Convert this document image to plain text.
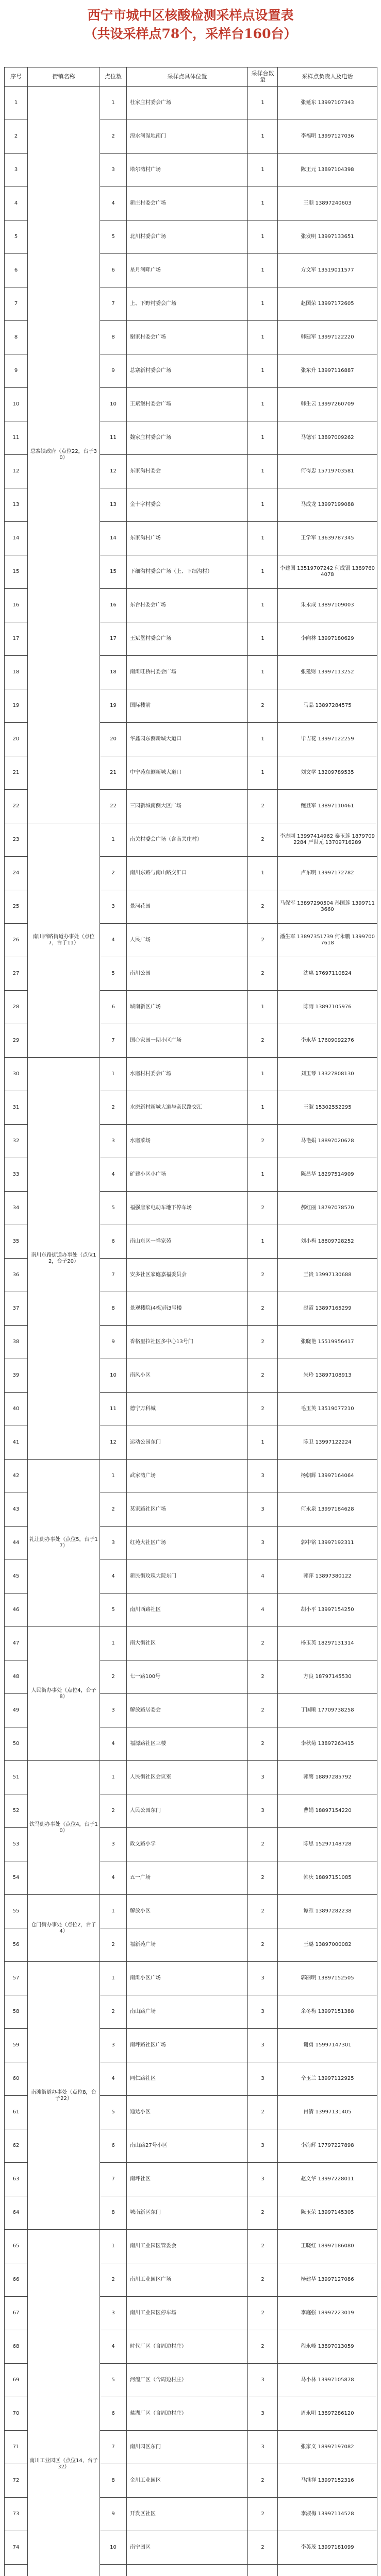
西宁市城中区核酸检测采样点设置表
（共设采样点78个，采样台160台）
序号	街镇名称	点位数	采样点具体位置	采样台数量	采样点负责人及电话
1	总寨镇政府（点位22，台子30）	1	杜家庄村委会广场	1	张延东 13997107343
2		2	湟水河湿地南门	1	李福明 13997127036
3		3	塔尔湾村广场	1	陈正元 13897104398
4		4	新庄村委会广场	1	王顺 13897240603
5		5	北川村委会广场	1	张发明 13997133651
6		6	星月河畔广场	1	方文军 13519011577
7		7	上、下野村委会广场	1	赵国荣 13997172605
8		8	谢家村委会广场	1	韩建军 13997122220
9		9	总寨新村委会广场	1	张东升 13997116887
10		10	王斌堡村委会广场	1	韩生云 13997260709
11		11	魏家庄村委会广场	1	马德军 13897009262
12		12	东家沟村委会	1	何得忠 15719703581
13		13	金十字村委会	1	马成龙 13997199088
14		14	东家沟村广场	1	王学军 13639787345
15		15	下细沟村委会广场（上、下细沟村）	1	李建国 13519707242 何成银 13897604078
16		16	东台村委会广场	1	朱永成 13897109003
17		17	王斌堡村委会广场	1	李向林 13997180629
18		18	南滩旺桥村委会广场	1	张延财 13997113252
19		19	国际楼前	2	马晶 13897284575
20		20	华鑫园东侧新城大道口	1	毕吉花 13997122259
21		21	中宁苑东侧新城大道口	1	刘文学 13209789535
22		22	三园新城南侧大区广场	2	鲍登军 13897110461
23	南川西路街道办事处（点位7，台子11）	1	南关村委会广场（含南关庄村）	2	李志刚 13997414962 秦玉莲 18797092284 严世元 13709716289
24		2	南川东路与南山路交汇口	1	卢东明 13997172782
25		3	景河花园	2	马保军 13897290504 孙国莲 13997113660
26		4	人民广场	2	潘生军 13897351739 何永鹏 13997007618
27		5	南川公园	2	沈惠 17697110824
28		6	城南新区广场	1	陈雨 13897105976
29		7	国心家园一期小区广场	2	李永华 17609092276
30	南川东路街道办事处（点位12，台子20）	1	水磨村村委会广场	1	刘玉琴 13327808130
31		2	水磨新村新城大道与亲民路交汇	1	王淑 15302552295
32		3	水磨菜场	2	马艳娟 18897020628
33		4	矿建小区小广场	1	陈昌华 18297514909
34		5	福强唐家电动车地下停车场	2	郝红丽 18797078570
35		6	南山东区一祥家苑	1	刘小梅 18809728252
36		7	安多社区家庭嘉福委员会	2	王贵 13997130688
37		8	景观楼院(4栋)南3号楼	2	赵霞 13897165299
38		9	香格里拉社区多中心13号门	2	张晓艳 15519956417
39		10	南风小区	2	朱玲 13897108913
40		11	德宁万科城	2	毛玉英 13519077210
41		12	运动公园东门	1	陈卫 13997122224
42	礼让街办事处（点位5，台子17）	1	武家湾广场	3	杨朝辉 13997164064
43		2	莫家路社区广场	3	何永泉 13997184628
44		3	红苑大社区广场	3	郭中铭 13997192311
45		4	新民街玫瑰大院东门	4	郭萍 13897380122
46		5	南川西路社区	4	胡小平 13997154250
47	人民街办事处（点位4，台子8）	1	南大街社区	2	杨玉英 18297131314
48		2	七一路100号	2	方良 18797145530
49		3	解放路居委会	2	丁国顺 17709738258
50		4	福源路社区三楼	2	李秋菊 13897263415
51	饮马街办事处（点位4，台子10）	1	人民街社区会议室	3	郭鹰 18897285792
52		2	人民公园东门	3	曹娟 18897154220
53		3	政文路小学	2	陈思 15297148728
54		4	五一广场	2	韩庆 18897151085
55	仓门街办事处（点位2，台子4）	1	解放小区	2	谭雅 13897282238
56		2	福新苑广场	2	王璐 13897000082
57	南滩街道办事处（点位8，台子22）	1	南滩小区广场	3	郭丽明 13897152505
58		2	南山路广场	3	余冬梅 13997151388
59		3	南坪路社区广场	3	谢勇 15997147301
60		4	同仁路社区	3	辛玉兰 13997112925
61		5	通达小区	2	肖清 13997131405
62		6	南山路27号小区	3	李海辉 17797227898
63		7	南坪社区	3	赵文华 13997228011
64		8	城南新区东门	2	陈玉荣 13997145305
65	南川工业园区（点位14，台子32）	1	南川工业园区管委会	2	王晓红 18997186080
66		2	南川工业园区广场	2	杨建华 13997127086
67		3	南川工业园区停车场	2	李庭强 18997223019
68		4	时代厂区（含周边村庄）	2	程永峰 13897013059
69		5	河湟厂区（含周边村庄）	3	马小林 13997105878
70		6	盐湖厂区（含周边村庄）	3	周永明 13897286120
71		7	南川园区东门	3	张家义 18997197082
72		8	金川工业园区	2	马继祥 13997152316
73		9	开发区社区	2	李淑梅 13997114528
74		10	南宁园区	2	李英茂 13997181099
